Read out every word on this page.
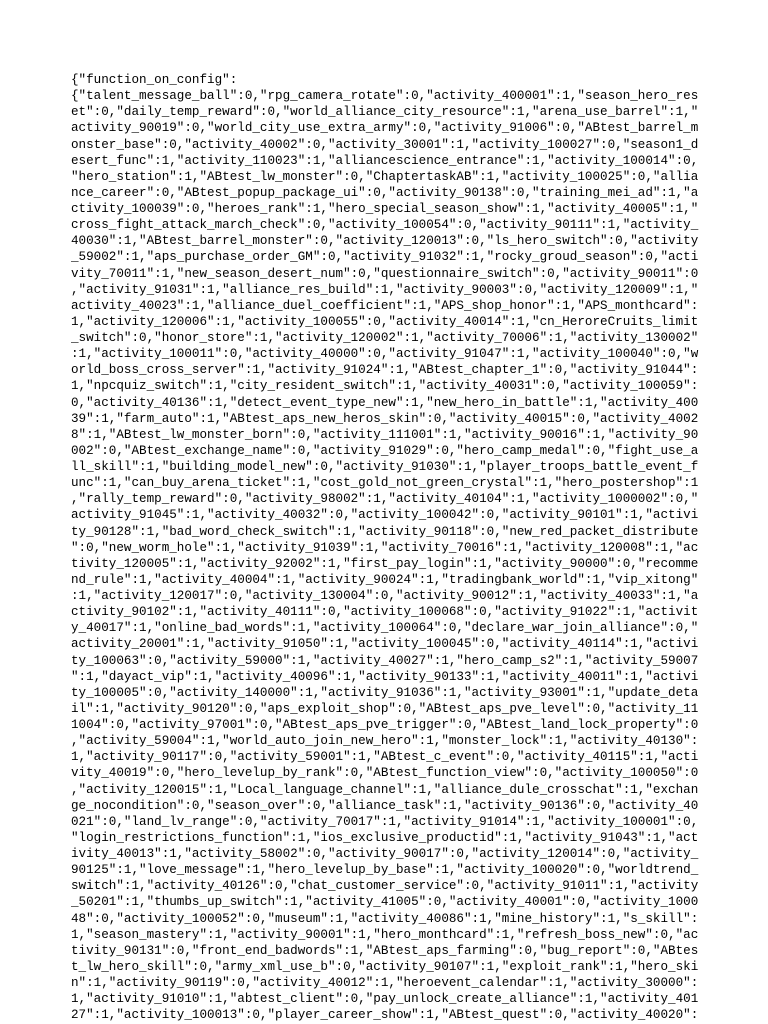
{"function_on_config":
{"talent_message_ball":0,"rpg_camera_rotate":0,"activity_400001":1,"season_hero_res
et":0,"daily_temp_reward":0,"world_alliance_city_resource":1,"arena_use_barrel":1,"
activity_90019":0,"world_city_use_extra_army":0,"activity_91006":0,"ABtest_barrel_m
onster_base":0,"activity_40002":0,"activity_30001":1,"activity_100027":0,"season1_d
esert_func":1,"activity_110023":1,"alliancescience_entrance":1,"activity_100014":0,
"hero_station":1,"ABtest_lw_monster":0,"ChaptertaskAB":1,"activity_100025":0,"allia
nce_career":0,"ABtest_popup_package_ui":0,"activity_90138":0,"training_mei_ad":1,"a
ctivity_100039":0,"heroes_rank":1,"hero_special_season_show":1,"activity_40005":1,"
cross_fight_attack_march_check":0,"activity_100054":0,"activity_90111":1,"activity_
40030":1,"ABtest_barrel_monster":0,"activity_120013":0,"ls_hero_switch":0,"activity
_59002":1,"aps_purchase_order_GM":0,"activity_91032":1,"rocky_groud_season":0,"acti
vity_70011":1,"new_season_desert_num":0,"questionnaire_switch":0,"activity_90011":0
,"activity_91031":1,"alliance_res_build":1,"activity_90003":0,"activity_120009":1,"
activity_40023":1,"alliance_duel_coefficient":1,"APS_shop_honor":1,"APS_monthcard":
1,"activity_120006":1,"activity_100055":0,"activity_40014":1,"cn_HeroreCruits_limit
_switch":0,"honor_store":1,"activity_120002":1,"activity_70006":1,"activity_130002"
:1,"activity_100011":0,"activity_40000":0,"activity_91047":1,"activity_100040":0,"w
orld_boss_cross_server":1,"activity_91024":1,"ABtest_chapter_1":0,"activity_91044":
1,"npcquiz_switch":1,"city_resident_switch":1,"activity_40031":0,"activity_100059":
0,"activity_40136":1,"detect_event_type_new":1,"new_hero_in_battle":1,"activity_400
39":1,"farm_auto":1,"ABtest_aps_new_heros_skin":0,"activity_40015":0,"activity_4002
8":1,"ABtest_lw_monster_born":0,"activity_111001":1,"activity_90016":1,"activity_90
002":0,"ABtest_exchange_name":0,"activity_91029":0,"hero_camp_medal":0,"fight_use_a
ll_skill":1,"building_model_new":0,"activity_91030":1,"player_troops_battle_event_f
unc":1,"can_buy_arena_ticket":1,"cost_gold_not_green_crystal":1,"hero_postershop":1
,"rally_temp_reward":0,"activity_98002":1,"activity_40104":1,"activity_1000002":0,"
activity_91045":1,"activity_40032":0,"activity_100042":0,"activity_90101":1,"activi
ty_90128":1,"bad_word_check_switch":1,"activity_90118":0,"new_red_packet_distribute
":0,"new_worm_hole":1,"activity_91039":1,"activity_70016":1,"activity_120008":1,"ac
tivity_120005":1,"activity_92002":1,"first_pay_login":1,"activity_90000":0,"recomme
nd_rule":1,"activity_40004":1,"activity_90024":1,"tradingbank_world":1,"vip_xitong"
:1,"activity_120017":0,"activity_130004":0,"activity_90012":1,"activity_40033":1,"a
ctivity_90102":1,"activity_40111":0,"activity_100068":0,"activity_91022":1,"activit
y_40017":1,"online_bad_words":1,"activity_100064":0,"declare_war_join_alliance":0,"
activity_20001":1,"activity_91050":1,"activity_100045":0,"activity_40114":1,"activi
ty_100063":0,"activity_59000":1,"activity_40027":1,"hero_camp_s2":1,"activity_59007
":1,"dayact_vip":1,"activity_40096":1,"activity_90133":1,"activity_40011":1,"activi
ty_100005":0,"activity_140000":1,"activity_91036":1,"activity_93001":1,"update_deta
il":1,"activity_90120":0,"aps_exploit_shop":0,"ABtest_aps_pve_level":0,"activity_11
1004":0,"activity_97001":0,"ABtest_aps_pve_trigger":0,"ABtest_land_lock_property":0
,"activity_59004":1,"world_auto_join_new_hero":1,"monster_lock":1,"activity_40130":
1,"activity_90117":0,"activity_59001":1,"ABtest_c_event":0,"activity_40115":1,"acti
vity_40019":0,"hero_levelup_by_rank":0,"ABtest_function_view":0,"activity_100050":0
,"activity_120015":1,"Local_language_channel":1,"alliance_dule_crosschat":1,"exchan
ge_nocondition":0,"season_over":0,"alliance_task":1,"activity_90136":0,"activity_40
021":0,"land_lv_range":0,"activity_70017":1,"activity_91014":1,"activity_100001":0,
"login_restrictions_function":1,"ios_exclusive_productid":1,"activity_91043":1,"act
ivity_40013":1,"activity_58002":0,"activity_90017":0,"activity_120014":0,"activity_
90125":1,"love_message":1,"hero_levelup_by_base":1,"activity_100020":0,"worldtrend_
switch":1,"activity_40126":0,"chat_customer_service":0,"activity_91011":1,"activity
_50201":1,"thumbs_up_switch":1,"activity_41005":0,"activity_40001":0,"activity_1000
48":0,"activity_100052":0,"museum":1,"activity_40086":1,"mine_history":1,"s_skill":
1,"season_mastery":1,"activity_90001":1,"hero_monthcard":1,"refresh_boss_new":0,"ac
tivity_90131":0,"front_end_badwords":1,"ABtest_aps_farming":0,"bug_report":0,"ABtes
t_lw_hero_skill":0,"army_xml_use_b":0,"activity_90107":1,"exploit_rank":1,"hero_ski
n":1,"activity_90119":0,"activity_40012":1,"heroevent_calendar":1,"activity_30000":
1,"activity_91010":1,"abtest_client":0,"pay_unlock_create_alliance":1,"activity_401
27":1,"activity_100013":0,"player_career_show":1,"ABtest_quest":0,"activity_40020":
